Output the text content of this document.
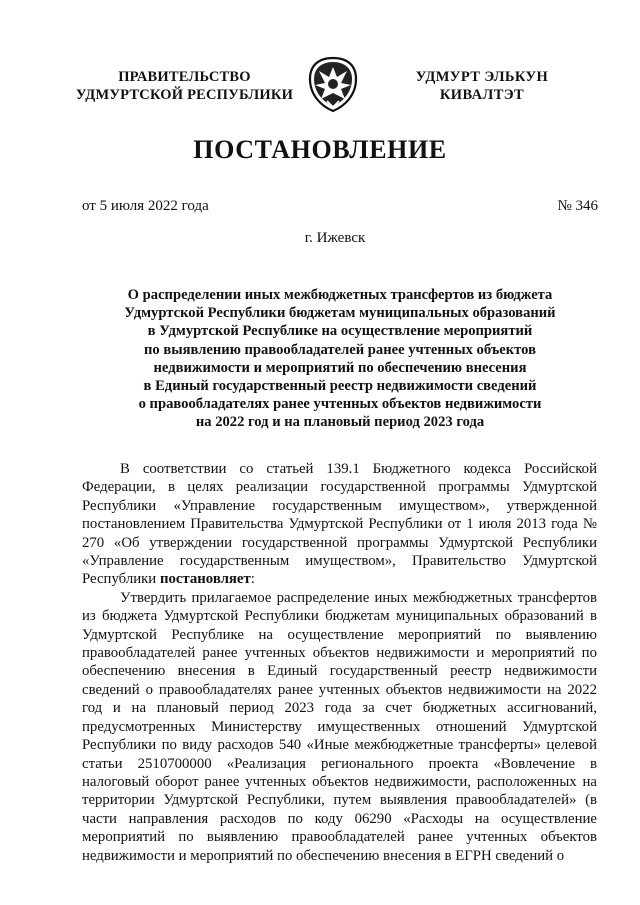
ПРАВИТЕЛЬСТВО
УДМУРТСКОЙ РЕСПУБЛИКИ
УДМУРТ ЭЛЬКУН
КИВАЛТЭТ
ПОСТАНОВЛЕНИЕ
от 5 июля 2022 года	№ 346
г. Ижевск
О распределении иных межбюджетных трансфертов из бюджета
Удмуртской Республики бюджетам муниципальных образований
в Удмуртской Республике на осуществление мероприятий
по выявлению правообладателей ранее учтенных объектов
недвижимости и мероприятий по обеспечению внесения
в Единый государственный реестр недвижимости сведений
о правообладателях ранее учтенных объектов недвижимости
на 2022 год и на плановый период 2023 года

В соответствии со статьей 139.1 Бюджетного кодекса Российской Федерации, в целях реализации государственной программы Удмуртской Республики «Управление государственным имуществом», утвержденной постановлением Правительства Удмуртской Республики от 1 июля 2013 года № 270 «Об утверждении государственной программы Удмуртской Республики «Управление государственным имуществом», Правительство Удмуртской Республики постановляет:

Утвердить прилагаемое распределение иных межбюджетных трансфертов из бюджета Удмуртской Республики бюджетам муниципальных образований в Удмуртской Республике на осуществление мероприятий по выявлению правообладателей ранее учтенных объектов недвижимости и мероприятий по обеспечению внесения в Единый государственный реестр недвижимости сведений о правообладателях ранее учтенных объектов недвижимости на 2022 год и на плановый период 2023 года за счет бюджетных ассигнований, предусмотренных Министерству имущественных отношений Удмуртской Республики по виду расходов 540 «Иные межбюджетные трансферты» целевой статьи 2510700000 «Реализация регионального проекта «Вовлечение в налоговый оборот ранее учтенных объектов недвижимости, расположенных на территории Удмуртской Республики, путем выявления правообладателей» (в части направления расходов по коду 06290 «Расходы на осуществление мероприятий по выявлению правообладателей ранее учтенных объектов недвижимости и мероприятий по обеспечению внесения в ЕГРН сведений о
